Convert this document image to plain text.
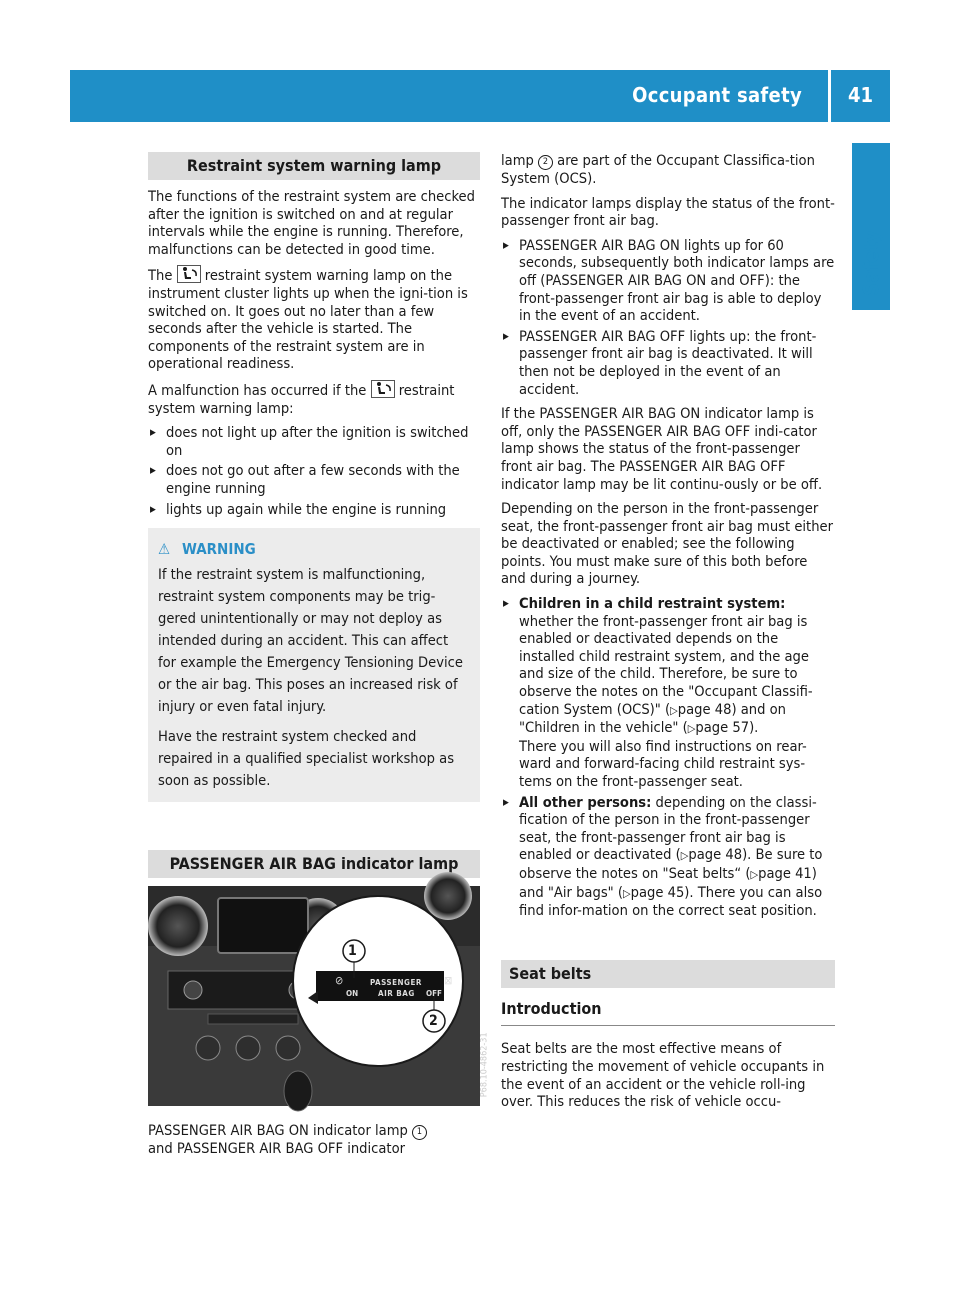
Occupant safety 41
Safety
Restraint system warning lamp

The functions of the restraint system are checked after the ignition is switched on and at regular intervals while the engine is running. Therefore, malfunctions can be detected in good time.

The restraint system warning lamp on the instrument cluster lights up when the igni-tion is switched on. It goes out no later than a few seconds after the vehicle is started. The components of the restraint system are in operational readiness.

A malfunction has occurred if the restraint system warning lamp:

▸ does not light up after the ignition is switched on
▸ does not go out after a few seconds with the engine running
▸ lights up again while the engine is running
⚠ WARNING

If the restraint system is malfunctioning, restraint system components may be trig-gered unintentionally or may not deploy as intended during an accident. This can affect for example the Emergency Tensioning Device or the air bag. This poses an increased risk of injury or even fatal injury.

Have the restraint system checked and repaired in a qualified specialist workshop as soon as possible.

PASSENGER AIR BAG indicator lamp
1
2
PASSENGER
AIR BAG
⊘
ON	OFF
⊠
P68.10-4862-31

PASSENGER AIR BAG ON indicator lamp 1
and PASSENGER AIR BAG OFF indicator

lamp 2 are part of the Occupant Classifica-tion System (OCS).

The indicator lamps display the status of the front-passenger front air bag.

▸ PASSENGER AIR BAG ON lights up for 60 seconds, subsequently both indicator lamps are off (PASSENGER AIR BAG ON and OFF): the front-passenger front air bag is able to deploy in the event of an accident.
▸ PASSENGER AIR BAG OFF lights up: the front-passenger front air bag is deactivated. It will then not be deployed in the event of an accident.

If the PASSENGER AIR BAG ON indicator lamp is off, only the PASSENGER AIR BAG OFF indi-cator lamp shows the status of the front-passenger front air bag. The PASSENGER AIR BAG OFF indicator lamp may be lit continu-ously or be off.

Depending on the person in the front-passenger seat, the front-passenger front air bag must either be deactivated or enabled; see the following points. You must make sure of this both before and during a journey.

▸ Children in a child restraint system:
whether the front-passenger front air bag is enabled or deactivated depends on the installed child restraint system, and the age and size of the child. Therefore, be sure to observe the notes on the "Occupant Classifi-cation System (OCS)" (▷page 48) and on "Children in the vehicle" (▷page 57).
There you will also find instructions on rear-ward and forward-facing child restraint sys-tems on the front-passenger seat.
▸ All other persons: depending on the classi-fication of the person in the front-passenger seat, the front-passenger front air bag is enabled or deactivated (▷page 48). Be sure to observe the notes on "Seat belts“ (▷page 41) and "Air bags" (▷page 45). There you can also find infor-mation on the correct seat position.
Seat belts
Introduction

Seat belts are the most effective means of restricting the movement of vehicle occupants in the event of an accident or the vehicle roll-ing over. This reduces the risk of vehicle occu-
